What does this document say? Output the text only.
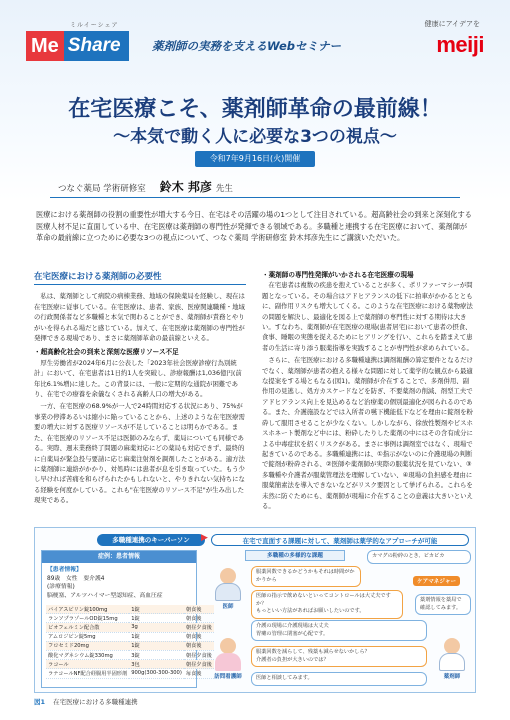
Me Share
ミルイーシェア
薬剤師の実務を支えるWebセミナー
健康にアイデアを
meiji
在宅医療こそ、薬剤師革命の最前線！
〜本気で動く人に必要な3つの視点〜
令和7年9月16日(火)開催
つなぐ薬局 学術研修室 鈴木 邦彦 先生
医療における薬剤師の役割の重要性が増大する今日、在宅はその活躍の場の1つとして注目されている。超高齢社会の到来と深刻化する医療人材不足に直面している中、在宅医療は薬剤師の専門性が発揮できる領域である。多職種と連携する在宅医療において、薬剤師が革命の最前線に立つために必要な3つの視点について、つなぐ薬局 学術研修室 鈴木邦彦先生にご講演いただいた。
在宅医療における薬剤師の必要性

私は、薬剤師として病院の病棟業務、地域の保険薬局を経験し、現在は在宅医療に従事している。在宅医療は、患者、家族、医療関連職種・地域の行政関係者など多職種と本気で関わることができ、薬剤師が責務とやりがいを得られる場だと感じている。加えて、在宅医療は薬剤師の専門性が発揮できる現場であり、まさに薬剤師革命の最前線といえる。

・超高齢化社会の到来と深刻な医療リソース不足

厚生労働省が2024年6月に公表した「2023年社会医療診療行為別統計」において、在宅患者は1日約1人を突破し、診療報酬は1,036億円(前年比6.1%増)に達した。この背景には、一般に定期的な通院が困難であり、在宅での療養を余儀なくされる高齢人口の増大がある。

一方、在宅医療の68.9%が一人で24時間対応する状況にあり、75%が事業の停滞あるいは縮小に陥っていることから、上述のような在宅医療需要の増大に対する医療リソースが不足していることは明らかである。また、在宅医療のリソース不足は医師のみならず、薬局についても同様である。実際、週末業務終了問題の麻薬対応にどの薬局も対応できず、最終的に自薬局が緊急投与要請に応じ麻薬注射剤を調剤したことがある。適方法に薬剤師に連絡がかかり、対処時には患者が息を引き取っていた。もう少し早ければ苦痛を和らげられたかもしれないと、やりきれない気持ちになる経験を何度かしている。これも"在宅医療のリソース不足"が生み出した現実である。

・薬剤師の専門性発揮がいかされる在宅医療の現場

在宅患者は複数の疾患を抱えていることが多く、ポリファーマシーが問題となっている。その場合はアドヒアランスの低下に拍車がかかるとともに、副作用リスクも増大してくる。このような在宅医療における薬物療法の問題を解決し、最適化を図る上で薬剤師の専門性に対する期待は大きい。すなわち、薬剤師が在宅医療の現場(患者居宅)において患者の摂食、食事、睡眠の実態を捉えるためにヒアリングを行い、これらを踏まえて患者の生活に寄り添う服薬指導を実践することが専門性が求められている。

さらに、在宅医療における多職種連携は調剤報酬の算定要件となるだけでなく、薬剤師が患者の抱える様々な問題に対して薬学的な観点から最適な提案をする場ともなる(図1)。薬剤師が介在することで、多剤併用、副作用の見逃し、処方カスケードなどを防ぎ、不要薬剤の削減、剤型工夫でアドヒアランス向上を見込めるなど治療薬の個別最適化が図られるのである。また、介護施設などでは入所者の嚥下機能低下などを理由に錠剤を粉砕して服用させることが少なくない。しかしながら、徐放性製剤やビスホスホネート製剤など中には、粉砕したりした薬剤の中にはその含有成分による中毒症状を招くリスクがある。まさに事例は調剤室ではなく、現場で起きているのである。多職種連携には、①指示がないのに介護現場の判断で錠剤が粉砕される、②医師や薬剤師が実際の服薬状況を見ていない、③多職種や介護者が服薬管理法を理解していない、④現場の負担感を理由に服薬簡素法を導入できないなどがリスク要因として挙げられる。これらを未然に防ぐためにも、薬剤師が現場に介在することの意義は大きいといえる。

多職種連携のキーパーソン	在宅で直面する課題に対して、薬剤師は薬学的なアプローチが可能
▶
症例：患者情報
【患者情報】
89歳　女性　要介護4
(診療情報)
脳梗塞、アルツハイマー型認知症、高血圧症
バイアスピリン錠100mg	1錠	朝食後
ランソプラゾールOD錠15mg	1錠	朝食後
ビオフェルミン配合散	3g	朝昼夕食後
アムロジピン錠5mg	1錠	朝食後
フロセミド20mg	1錠	朝食後
酸化マグネシウム錠330mg	3錠	朝昼夕食後
ラコール	3包	朝昼夕食後
ラナコールNF配合経腸用半固形剤	900g(300-300-300)	毎食後
多職種の多様的な課題
医師
訪問看護師	薬剤師
ケアマネジャー
服薬回数できるかどうかもそれは時間がかかりから
カマグの粉砕のとき、ピカピカ
医師の指示で飲めないといってコントロールは大丈夫ですか？
もっといい方法があればお願いしたいのです。
介護の現場に介護現場は大丈夫
胃瘻の管理に閉塞が心配です。
服薬回数を減らして、残薬も減らせないかしら？
介護者の負担が大きいのでは？
医師と相談してみます。
薬剤情報を薬局で確認してみます。
図1 在宅医療における多職種連携
